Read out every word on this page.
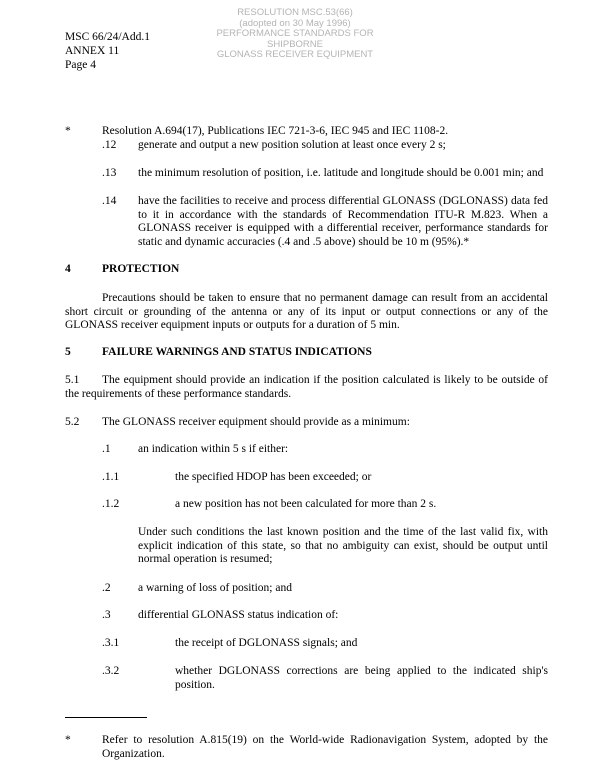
RESOLUTION MSC.53(66)
(adopted on 30 May 1996)
PERFORMANCE STANDARDS FOR SHIPBORNE
GLONASS RECEIVER EQUIPMENT
MSC 66/24/Add.1
ANNEX 11
Page 4
*	Resolution A.694(17), Publications IEC 721-3-6, IEC 945 and IEC 1108-2.
.12 generate and output a new position solution at least once every 2 s;
.13 the minimum resolution of position, i.e. latitude and longitude should be 0.001 min; and
.14 have the facilities to receive and process differential GLONASS (DGLONASS) data fed to it in accordance with the standards of Recommendation ITU-R M.823. When a GLONASS receiver is equipped with a differential receiver, performance standards for static and dynamic accuracies (.4 and .5 above) should be 10 m (95%).*
4	PROTECTION
Precautions should be taken to ensure that no permanent damage can result from an accidental short circuit or grounding of the antenna or any of its input or output connections or any of the GLONASS receiver equipment inputs or outputs for a duration of 5 min.
5	FAILURE WARNINGS AND STATUS INDICATIONS
5.1	The equipment should provide an indication if the position calculated is likely to be outside of the requirements of these performance standards.
5.2 The GLONASS receiver equipment should provide as a minimum:
.1 an indication within 5 s if either:
.1.1	the specified HDOP has been exceeded; or
.1.2	a new position has not been calculated for more than 2 s.
Under such conditions the last known position and the time of the last valid fix, with explicit indication of this state, so that no ambiguity can exist, should be output until normal operation is resumed;
.2 a warning of loss of position; and
.3 differential GLONASS status indication of:
.3.1	the receipt of DGLONASS signals; and
.3.2	whether DGLONASS corrections are being applied to the indicated ship's position.
*	Refer to resolution A.815(19) on the World-wide Radionavigation System, adopted by the Organization.
